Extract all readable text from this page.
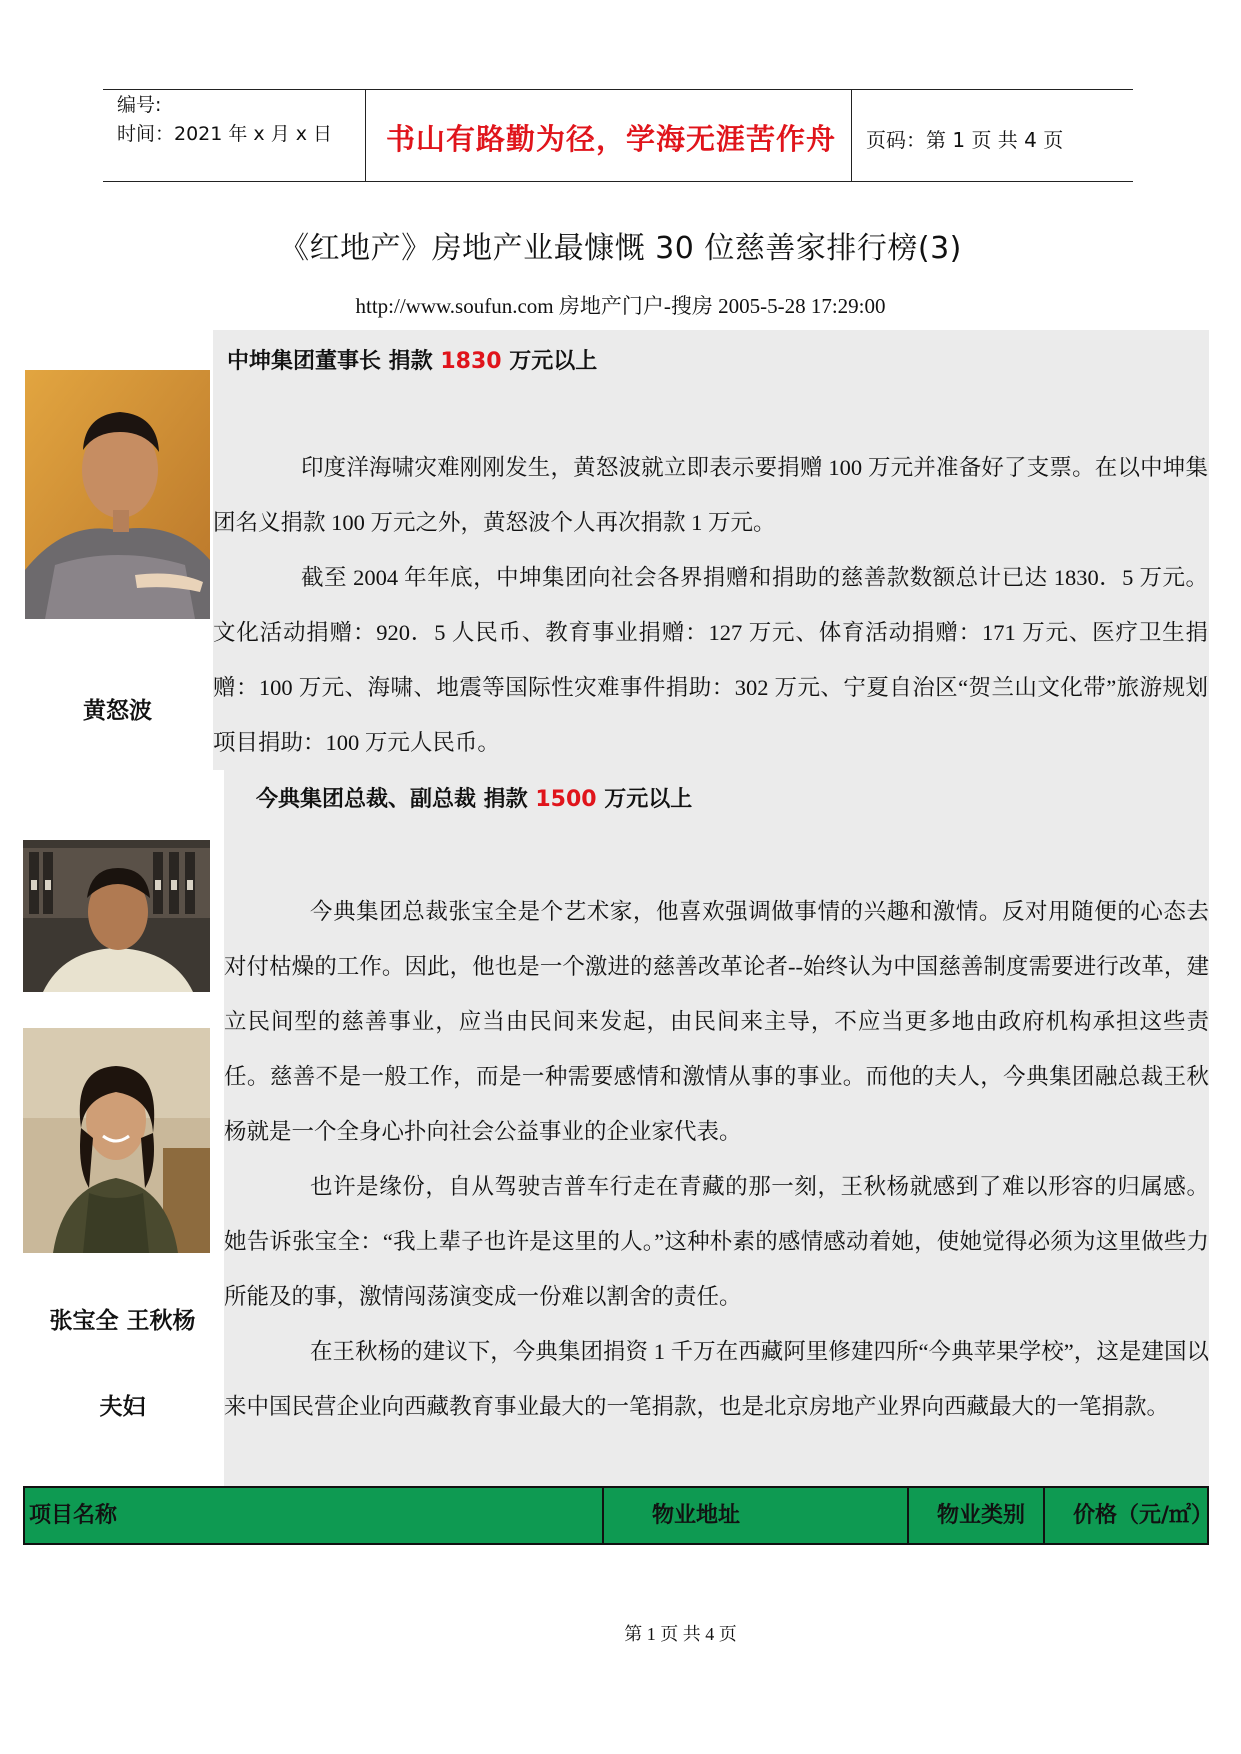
编号:
时间：2021 年 x 月 x 日 书山有路勤为径，学海无涯苦作舟 页码：第 1 页 共 4 页
《红地产》房地产业最慷慨 30 位慈善家排行榜(3)
http://www.soufun.com 房地产门户-搜房 2005-5-28 17:29:00
中坤集团董事长 捐款 1830 万元以上
黄怒波

印度洋海啸灾难刚刚发生，黄怒波就立即表示要捐赠 100 万元并准备好了支票。在以中坤集团名义捐款 100 万元之外，黄怒波个人再次捐款 1 万元。

截至 2004 年年底，中坤集团向社会各界捐赠和捐助的慈善款数额总计已达 1830．5 万元。文化活动捐赠：920．5 人民币、教育事业捐赠：127 万元、体育活动捐赠：171 万元、医疗卫生捐赠：100 万元、海啸、地震等国际性灾难事件捐助：302 万元、宁夏自治区“贺兰山文化带”旅游规划项目捐助：100 万元人民币。

今典集团总裁、副总裁 捐款 1500 万元以上
张宝全 王秋杨
夫妇

今典集团总裁张宝全是个艺术家，他喜欢强调做事情的兴趣和激情。反对用随便的心态去对付枯燥的工作。因此，他也是一个激进的慈善改革论者--始终认为中国慈善制度需要进行改革，建立民间型的慈善事业，应当由民间来发起，由民间来主导，不应当更多地由政府机构承担这些责任。慈善不是一般工作，而是一种需要感情和激情从事的事业。而他的夫人，今典集团融总裁王秋杨就是一个全身心扑向社会公益事业的企业家代表。

也许是缘份，自从驾驶吉普车行走在青藏的那一刻，王秋杨就感到了难以形容的归属感。她告诉张宝全：“我上辈子也许是这里的人。”这种朴素的感情感动着她，使她觉得必须为这里做些力所能及的事，激情闯荡演变成一份难以割舍的责任。

在王秋杨的建议下，今典集团捐资 1 千万在西藏阿里修建四所“今典苹果学校”，这是建国以来中国民营企业向西藏教育事业最大的一笔捐款，也是北京房地产业界向西藏最大的一笔捐款。

项目名称	物业地址	物业类别	价格（元/㎡）
第 1 页 共 4 页
